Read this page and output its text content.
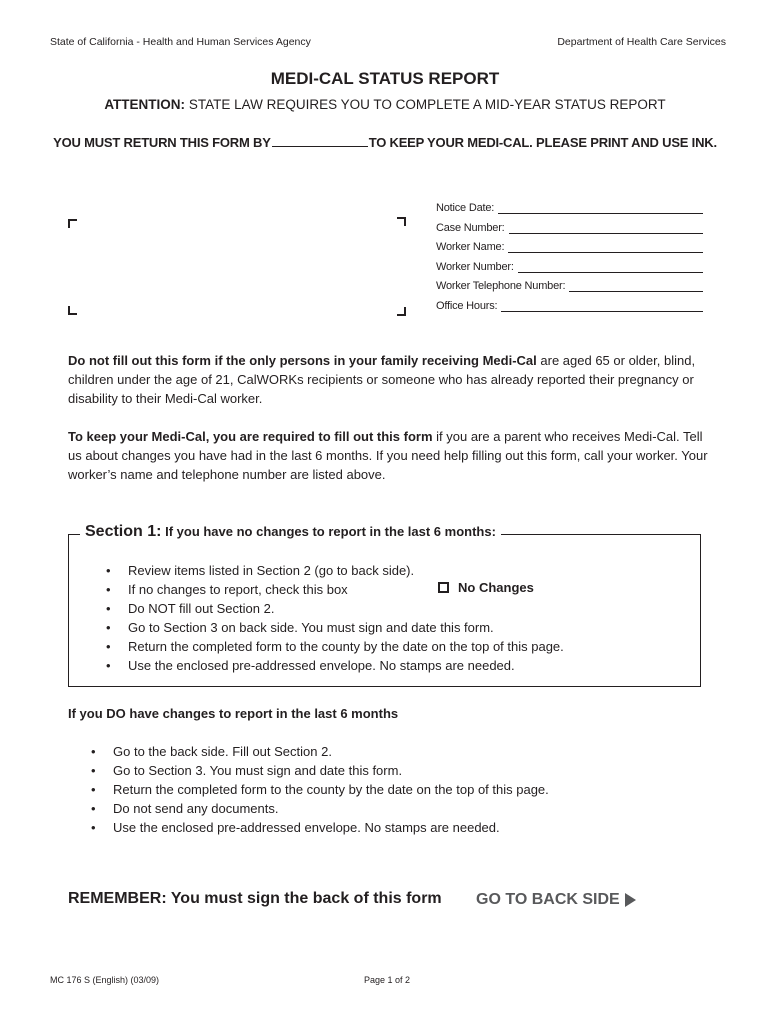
State of California - Health and Human Services Agency	Department of Health Care Services
MEDI-CAL STATUS REPORT
ATTENTION: STATE LAW REQUIRES YOU TO COMPLETE A MID-YEAR STATUS REPORT
YOU MUST RETURN THIS FORM BY	TO KEEP YOUR MEDI-CAL. PLEASE PRINT AND USE INK.
Notice Date:
Case Number:
Worker Name:
Worker Number:
Worker Telephone Number:
Office Hours:

Do not fill out this form if the only persons in your family receiving Medi-Cal are aged 65 or older, blind, children under the age of 21, CalWORKs recipients or someone who has already reported their pregnancy or disability to their Medi-Cal worker.

To keep your Medi-Cal, you are required to fill out this form if you are a parent who receives Medi-Cal. Tell us about changes you have had in the last 6 months. If you need help filling out this form, call your worker. Your worker’s name and telephone number are listed above.

Section 1: If you have no changes to report in the last 6 months:
• Review items listed in Section 2 (go to back side).
• If no changes to report, check this box
• Do NOT fill out Section 2.
• Go to Section 3 on back side. You must sign and date this form.
• Return the completed form to the county by the date on the top of this page.
• Use the enclosed pre-addressed envelope. No stamps are needed.
No Changes
If you DO have changes to report in the last 6 months
• Go to the back side. Fill out Section 2.
• Go to Section 3. You must sign and date this form.
• Return the completed form to the county by the date on the top of this page.
• Do not send any documents.
• Use the enclosed pre-addressed envelope. No stamps are needed.
REMEMBER: You must sign the back of this form GO TO BACK SIDE
MC 176 S (English) (03/09)	Page 1 of 2
